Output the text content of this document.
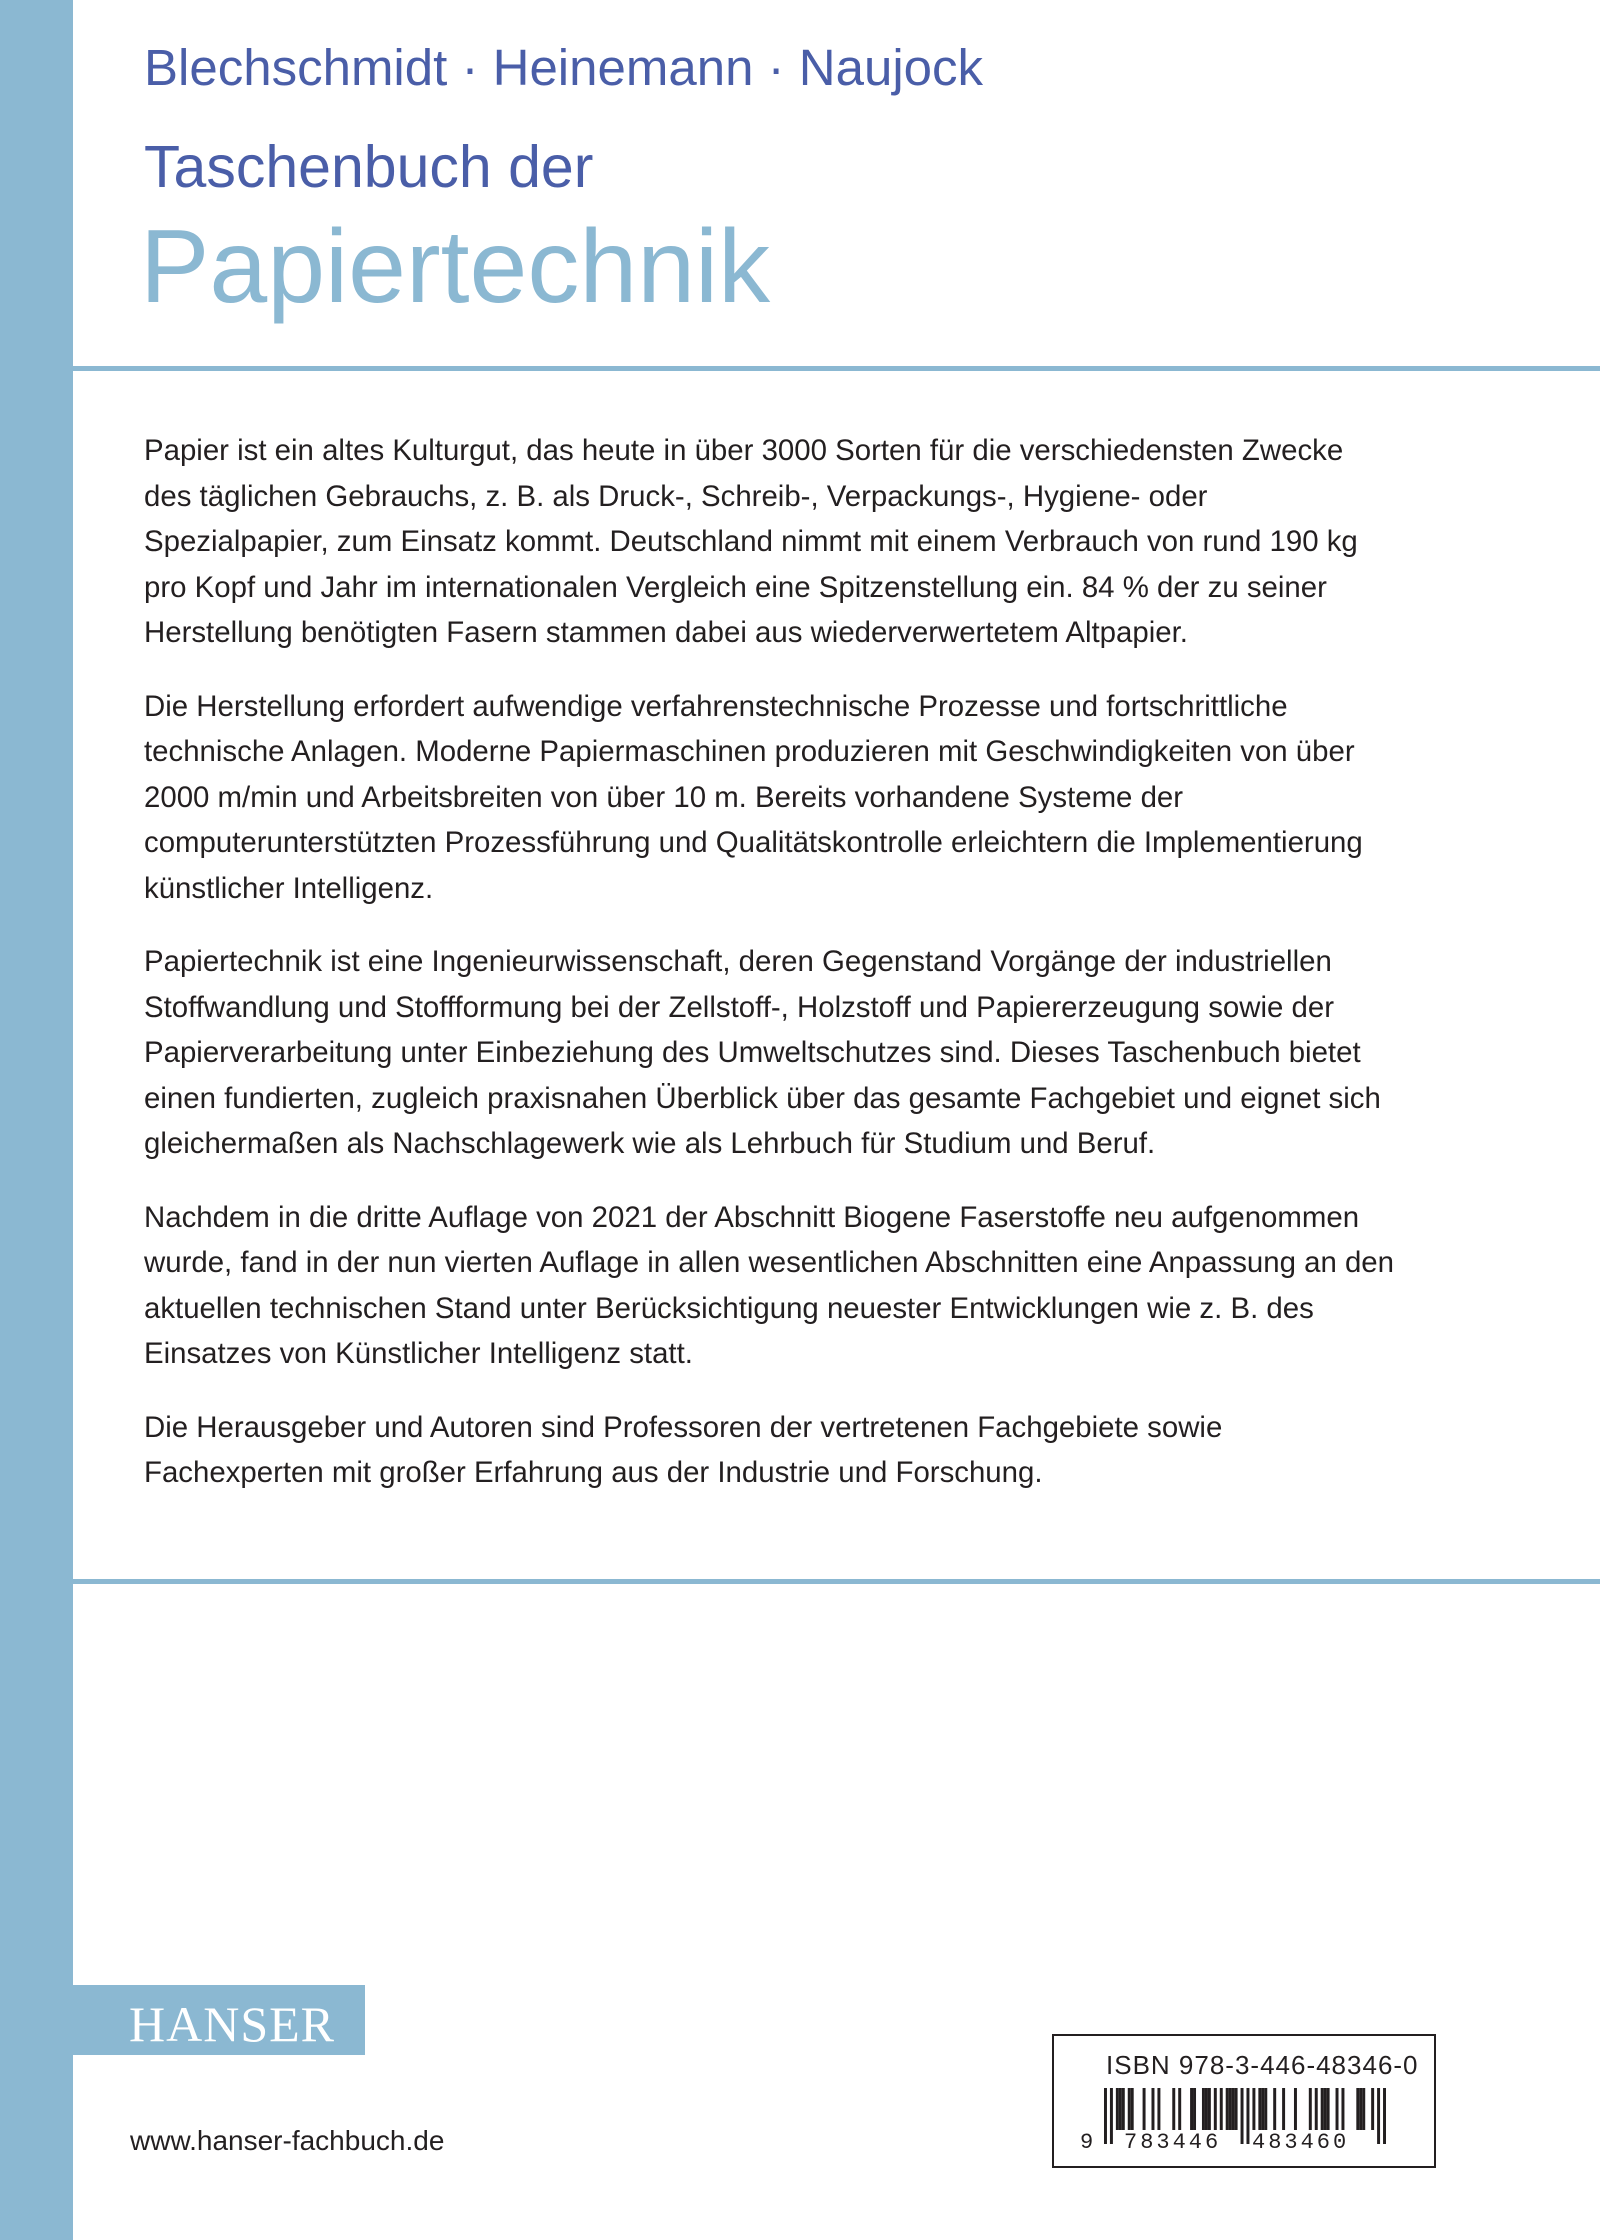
Blechschmidt · Heinemann · Naujock
Taschenbuch der
Papiertechnik

Papier ist ein altes Kulturgut, das heute in über 3000 Sorten für die verschiedensten Zwecke des täglichen Gebrauchs, z. B. als Druck-, Schreib-, Verpackungs-, Hygiene- oder Spezialpapier, zum Einsatz kommt. Deutschland nimmt mit einem Verbrauch von rund 190 kg pro Kopf und Jahr im internationalen Vergleich eine Spitzenstellung ein. 84 % der zu seiner Herstellung benötigten Fasern stammen dabei aus wiederverwertetem Altpapier.

Die Herstellung erfordert aufwendige verfahrenstechnische Prozesse und fortschrittliche technische Anlagen. Moderne Papiermaschinen produzieren mit Geschwindigkeiten von über 2000 m/min und Arbeitsbreiten von über 10 m. Bereits vorhandene Systeme der computerunterstützten Prozessführung und Qualitätskontrolle erleichtern die Implementierung künstlicher Intelligenz.

Papiertechnik ist eine Ingenieurwissenschaft, deren Gegenstand Vorgänge der industriellen Stoffwandlung und Stoffformung bei der Zellstoff-, Holzstoff und Papiererzeugung sowie der Papierverarbeitung unter Einbeziehung des Umweltschutzes sind. Dieses Taschenbuch bietet einen fundierten, zugleich praxisnahen Überblick über das gesamte Fachgebiet und eignet sich gleichermaßen als Nachschlagewerk wie als Lehrbuch für Studium und Beruf.

Nachdem in die dritte Auflage von 2021 der Abschnitt Biogene Faserstoffe neu aufgenommen wurde, fand in der nun vierten Auflage in allen wesentlichen Abschnitten eine Anpassung an den aktuellen technischen Stand unter Berücksichtigung neuester Entwicklungen wie z. B. des Einsatzes von Künstlicher Intelligenz statt.

Die Herausgeber und Autoren sind Professoren der vertretenen Fachgebiete sowie Fachexperten mit großer Erfahrung aus der Industrie und Forschung.

HANSER
www.hanser-fachbuch.de
ISBN 978-3-446-48346-0
9 783446 483460
